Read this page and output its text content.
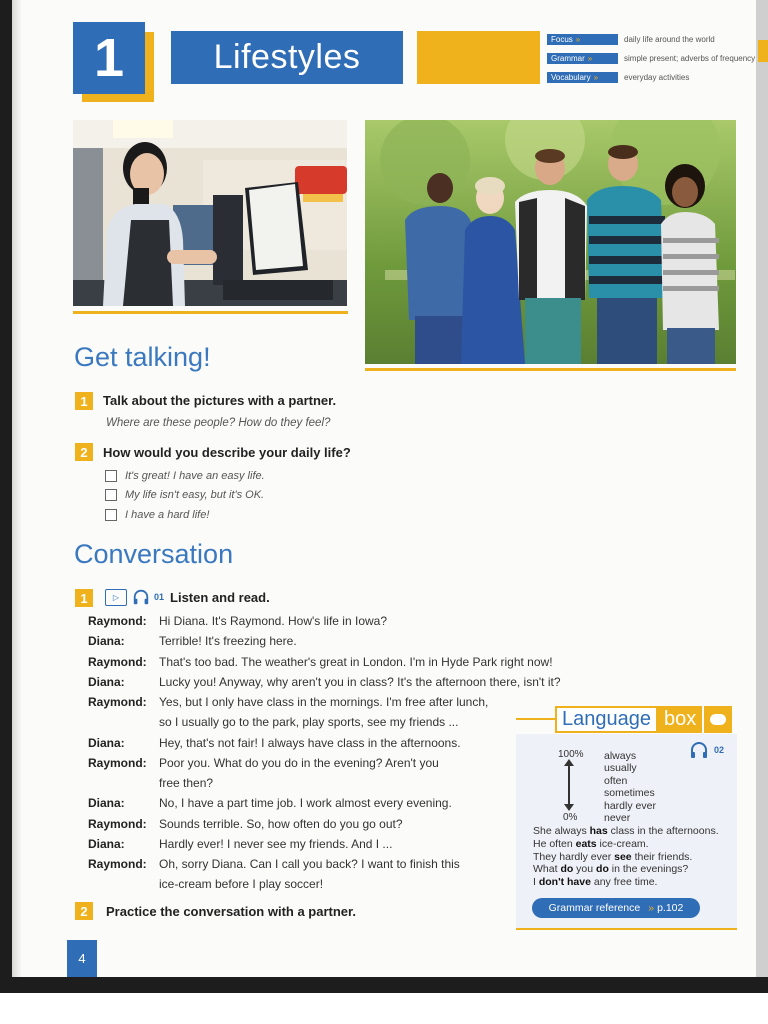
1	Lifestyles	Focus »	daily life around the world
Grammar »	simple present; adverbs of frequency
Vocabulary »	everyday activities
Get talking!
1	Talk about the pictures with a partner.
Where are these people? How do they feel?
2	How would you describe your daily life?
It's great! I have an easy life.
My life isn't easy, but it's OK.
I have a hard life!
Conversation
1	▷	01 Listen and read.
Raymond: Hi Diana. It's Raymond. How's life in Iowa?
Diana:	Terrible! It's freezing here.
Raymond: That's too bad. The weather's great in London. I'm in Hyde Park right now!
Diana:	Lucky you! Anyway, why aren't you in class? It's the afternoon there, isn't it?
Raymond: Yes, but I only have class in the mornings. I'm free after lunch,
so I usually go to the park, play sports, see my friends ...
Diana:	Hey, that's not fair! I always have class in the afternoons.
Raymond: Poor you. What do you do in the evening? Aren't you
free then?
Diana:	No, I have a part time job. I work almost every evening.
Raymond: Sounds terrible. So, how often do you go out?
Diana:	Hardly ever! I never see my friends. And I ...
Raymond: Oh, sorry Diana. Can I call you back? I want to finish this
ice-cream before I play soccer!
2	Practice the conversation with a partner.
Language box
02
100%
0%
always
usually
often
sometimes
hardly ever
never
She always has class in the afternoons.
He often eats ice-cream.
They hardly ever see their friends.
What do you do in the evenings?
I don't have any free time.
Grammar reference » p.102
4
